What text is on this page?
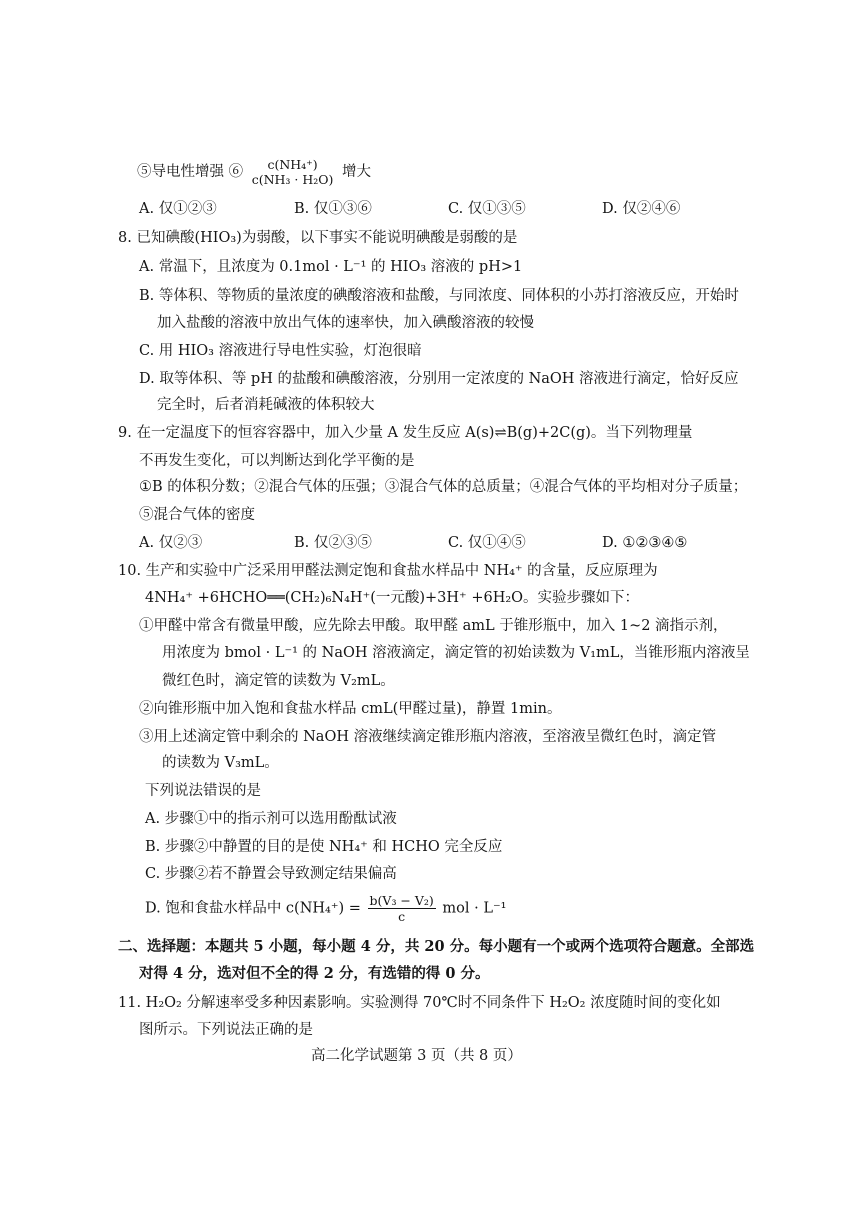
⑤导电性增强 ⑥	c(NH₄⁺)
c(NH₃ · H₂O) 增大
A. 仅①②③	B. 仅①③⑥	C. 仅①③⑤	D. 仅②④⑥
8. 已知碘酸(HIO₃)为弱酸，以下事实不能说明碘酸是弱酸的是
A. 常温下，且浓度为 0.1mol · L⁻¹ 的 HIO₃ 溶液的 pH>1
B. 等体积、等物质的量浓度的碘酸溶液和盐酸，与同浓度、同体积的小苏打溶液反应，开始时
加入盐酸的溶液中放出气体的速率快，加入碘酸溶液的较慢
C. 用 HIO₃ 溶液进行导电性实验，灯泡很暗
D. 取等体积、等 pH 的盐酸和碘酸溶液，分别用一定浓度的 NaOH 溶液进行滴定，恰好反应
完全时，后者消耗碱液的体积较大
9. 在一定温度下的恒容容器中，加入少量 A 发生反应 A(s)⇌B(g)+2C(g)。当下列物理量
不再发生变化，可以判断达到化学平衡的是
①B 的体积分数；②混合气体的压强；③混合气体的总质量；④混合气体的平均相对分子质量；
⑤混合气体的密度
A. 仅②③	B. 仅②③⑤	C. 仅①④⑤	D. ①②③④⑤
10. 生产和实验中广泛采用甲醛法测定饱和食盐水样品中 NH₄⁺ 的含量，反应原理为
4NH₄⁺ +6HCHO══(CH₂)₆N₄H⁺(一元酸)+3H⁺ +6H₂O。实验步骤如下：
①甲醛中常含有微量甲酸，应先除去甲酸。取甲醛 amL 于锥形瓶中，加入 1~2 滴指示剂，
用浓度为 bmol · L⁻¹ 的 NaOH 溶液滴定，滴定管的初始读数为 V₁mL，当锥形瓶内溶液呈
微红色时，滴定管的读数为 V₂mL。
②向锥形瓶中加入饱和食盐水样品 cmL(甲醛过量)，静置 1min。
③用上述滴定管中剩余的 NaOH 溶液继续滴定锥形瓶内溶液，至溶液呈微红色时，滴定管
的读数为 V₃mL。
下列说法错误的是
A. 步骤①中的指示剂可以选用酚酞试液
B. 步骤②中静置的目的是使 NH₄⁺ 和 HCHO 完全反应
C. 步骤②若不静置会导致测定结果偏高
D. 饱和食盐水样品中 $c(NH_4^+) = \frac{\text{b(V₃ − V₂)}}{c}$ mol · L⁻¹
二、选择题：本题共 5 小题，每小题 4 分，共 20 分。每小题有一个或两个选项符合题意。全部选
对得 4 分，选对但不全的得 2 分，有选错的得 0 分。
11. H₂O₂ 分解速率受多种因素影响。实验测得 70℃时不同条件下 H₂O₂ 浓度随时间的变化如
图所示。下列说法正确的是
高二化学试题第 3 页（共 8 页）
